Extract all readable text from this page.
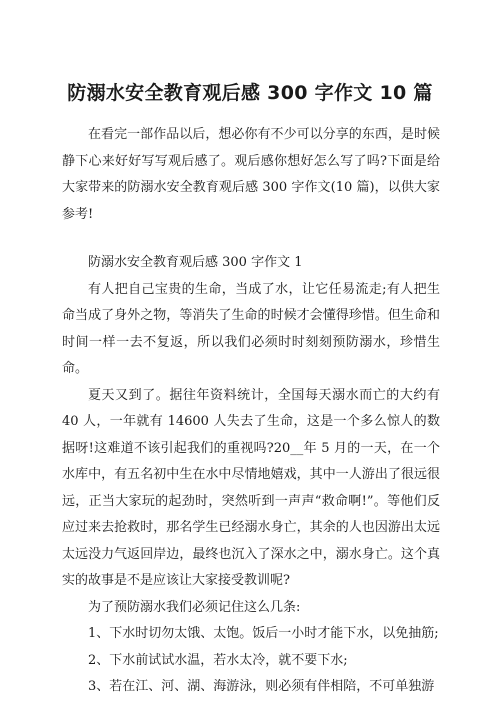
防溺水安全教育观后感 300 字作文 10 篇

在看完一部作品以后，想必你有不少可以分享的东西，是时候静下心来好好写写观后感了。观后感你想好怎么写了吗?下面是给大家带来的防溺水安全教育观后感 300 字作文(10 篇)，以供大家参考!

防溺水安全教育观后感 300 字作文 1

有人把自己宝贵的生命，当成了水，让它任易流走;有人把生命当成了身外之物，等消失了生命的时候才会懂得珍惜。但生命和时间一样一去不复返，所以我们必须时时刻刻预防溺水，珍惜生命。

夏天又到了。据往年资料统计，全国每天溺水而亡的大约有 40 人，一年就有 14600 人失去了生命，这是一个多么惊人的数据呀!这难道不该引起我们的重视吗?20__年 5 月的一天，在一个水库中，有五名初中生在水中尽情地嬉戏，其中一人游出了很远很远，正当大家玩的起劲时，突然听到一声声“救命啊!”。等他们反应过来去抢救时，那名学生已经溺水身亡，其余的人也因游出太远太远没力气返回岸边，最终也沉入了深水之中，溺水身亡。这个真实的故事是不是应该让大家接受教训呢?

为了预防溺水我们必须记住这么几条:

1、下水时切勿太饿、太饱。饭后一小时才能下水，以免抽筋;

2、下水前试试水温，若水太冷，就不要下水;

3、若在江、河、湖、海游泳，则必须有伴相陪，不可单独游
